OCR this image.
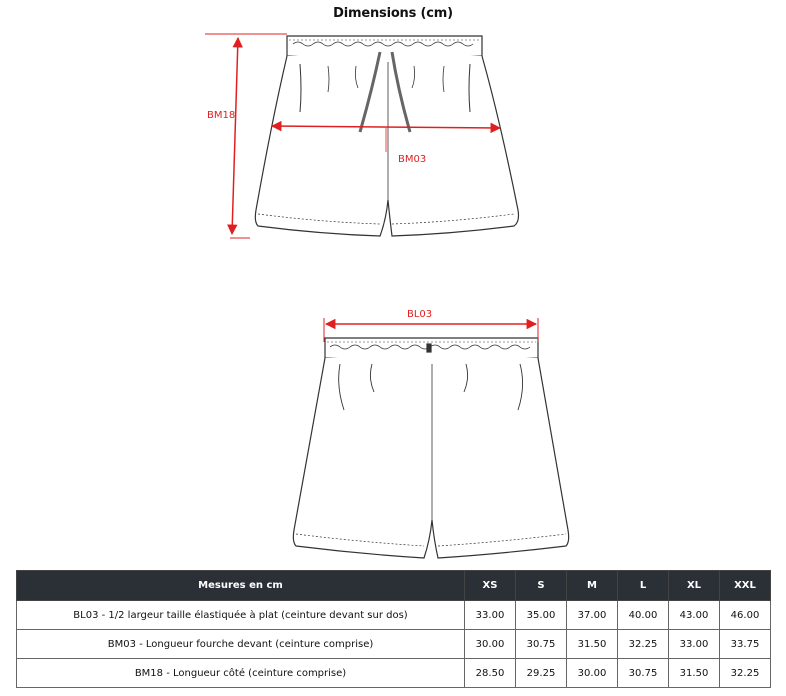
Dimensions (cm)
BM18
BM03
BL03
Mesures en cm	XS	S	M	L	XL	XXL
BL03 - 1/2 largeur taille élastiquée à plat (ceinture devant sur dos)	33.00	35.00	37.00	40.00	43.00	46.00
BM03 - Longueur fourche devant (ceinture comprise)	30.00	30.75	31.50	32.25	33.00	33.75
BM18 - Longueur côté (ceinture comprise)	28.50	29.25	30.00	30.75	31.50	32.25
